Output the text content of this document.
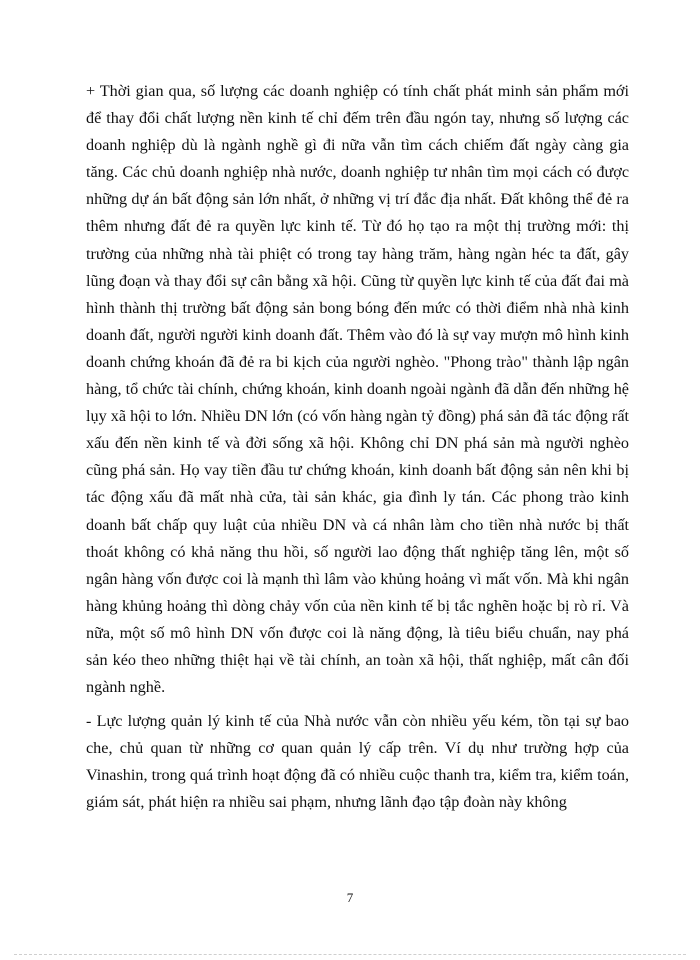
+ Thời gian qua, số lượng các doanh nghiệp có tính chất phát minh sản phẩm mới để thay đổi chất lượng nền kinh tế chỉ đếm trên đầu ngón tay, nhưng số lượng các doanh nghiệp dù là ngành nghề gì đi nữa vẫn tìm cách chiếm đất ngày càng gia tăng. Các chủ doanh nghiệp nhà nước, doanh nghiệp tư nhân tìm mọi cách có được những dự án bất động sản lớn nhất, ở những vị trí đắc địa nhất. Đất không thể đẻ ra thêm nhưng đất đẻ ra quyền lực kinh tế. Từ đó họ tạo ra một thị trường mới: thị trường của những nhà tài phiệt có trong tay hàng trăm, hàng ngàn héc ta đất, gây lũng đoạn và thay đổi sự cân bằng xã hội. Cũng từ quyền lực kinh tế của đất đai mà hình thành thị trường bất động sản bong bóng đến mức có thời điểm nhà nhà kinh doanh đất, người người kinh doanh đất. Thêm vào đó là sự vay mượn mô hình kinh doanh chứng khoán đã đẻ ra bi kịch của người nghèo. "Phong trào" thành lập ngân hàng, tổ chức tài chính, chứng khoán, kinh doanh ngoài ngành đã dẫn đến những hệ lụy xã hội to lớn. Nhiều DN lớn (có vốn hàng ngàn tỷ đồng) phá sản đã tác động rất xấu đến nền kinh tế và đời sống xã hội. Không chỉ DN phá sản mà người nghèo cũng phá sản. Họ vay tiền đầu tư chứng khoán, kinh doanh bất động sản nên khi bị tác động xấu đã mất nhà cửa, tài sản khác, gia đình ly tán. Các phong trào kinh doanh bất chấp quy luật của nhiều DN và cá nhân làm cho tiền nhà nước bị thất thoát không có khả năng thu hồi, số người lao động thất nghiệp tăng lên, một số ngân hàng vốn được coi là mạnh thì lâm vào khủng hoảng vì mất vốn. Mà khi ngân hàng khủng hoảng thì dòng chảy vốn của nền kinh tế bị tắc nghẽn hoặc bị rò rỉ. Và nữa, một số mô hình DN vốn được coi là năng động, là tiêu biểu chuẩn, nay phá sản kéo theo những thiệt hại về tài chính, an toàn xã hội, thất nghiệp, mất cân đối ngành nghề.

- Lực lượng quản lý kinh tế của Nhà nước vẫn còn nhiều yếu kém, tồn tại sự bao che, chủ quan từ những cơ quan quản lý cấp trên. Ví dụ như trường hợp của Vinashin, trong quá trình hoạt động đã có nhiều cuộc thanh tra, kiểm tra, kiểm toán, giám sát, phát hiện ra nhiều sai phạm, nhưng lãnh đạo tập đoàn này không

7
